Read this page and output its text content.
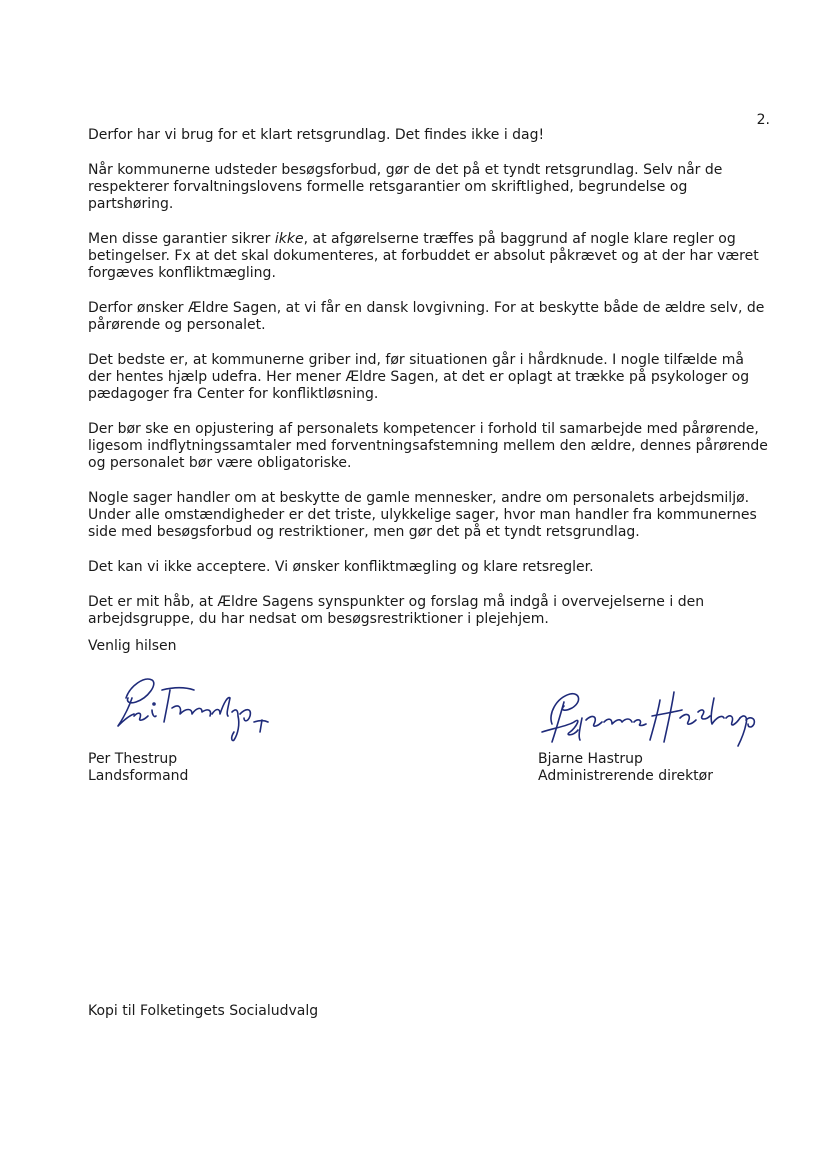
2.

Derfor har vi brug for et klart retsgrundlag. Det findes ikke i dag!

Når kommunerne udsteder besøgsforbud, gør de det på et tyndt retsgrundlag. Selv når de respekterer forvaltningslovens formelle retsgarantier om skriftlighed, begrundelse og partshøring.

Men disse garantier sikrer ikke, at afgørelserne træffes på baggrund af nogle klare regler og betingelser. Fx at det skal dokumenteres, at forbuddet er absolut påkrævet og at der har været forgæves konfliktmægling.

Derfor ønsker Ældre Sagen, at vi får en dansk lovgivning. For at beskytte både de ældre selv, de pårørende og personalet.

Det bedste er, at kommunerne griber ind, før situationen går i hårdknude. I nogle tilfælde må der hentes hjælp udefra. Her mener Ældre Sagen, at det er oplagt at trække på psykologer og pædagoger fra Center for konfliktløsning.

Der bør ske en opjustering af personalets kompetencer i forhold til samarbejde med pårørende, ligesom indflytningssamtaler med forventningsafstemning mellem den ældre, dennes pårørende og personalet bør være obligatoriske.

Nogle sager handler om at beskytte de gamle mennesker, andre om personalets arbejdsmiljø. Under alle omstændigheder er det triste, ulykkelige sager, hvor man handler fra kommunernes side med besøgsforbud og restriktioner, men gør det på et tyndt retsgrundlag.

Det kan vi ikke acceptere. Vi ønsker konfliktmægling og klare retsregler.

Det er mit håb, at Ældre Sagens synspunkter og forslag må indgå i overvejelserne i den arbejdsgruppe, du har nedsat om besøgsrestriktioner i plejehjem.

Venlig hilsen
Per Thestrup
Landsformand
Bjarne Hastrup
Administrerende direktør
Kopi til Folketingets Socialudvalg
